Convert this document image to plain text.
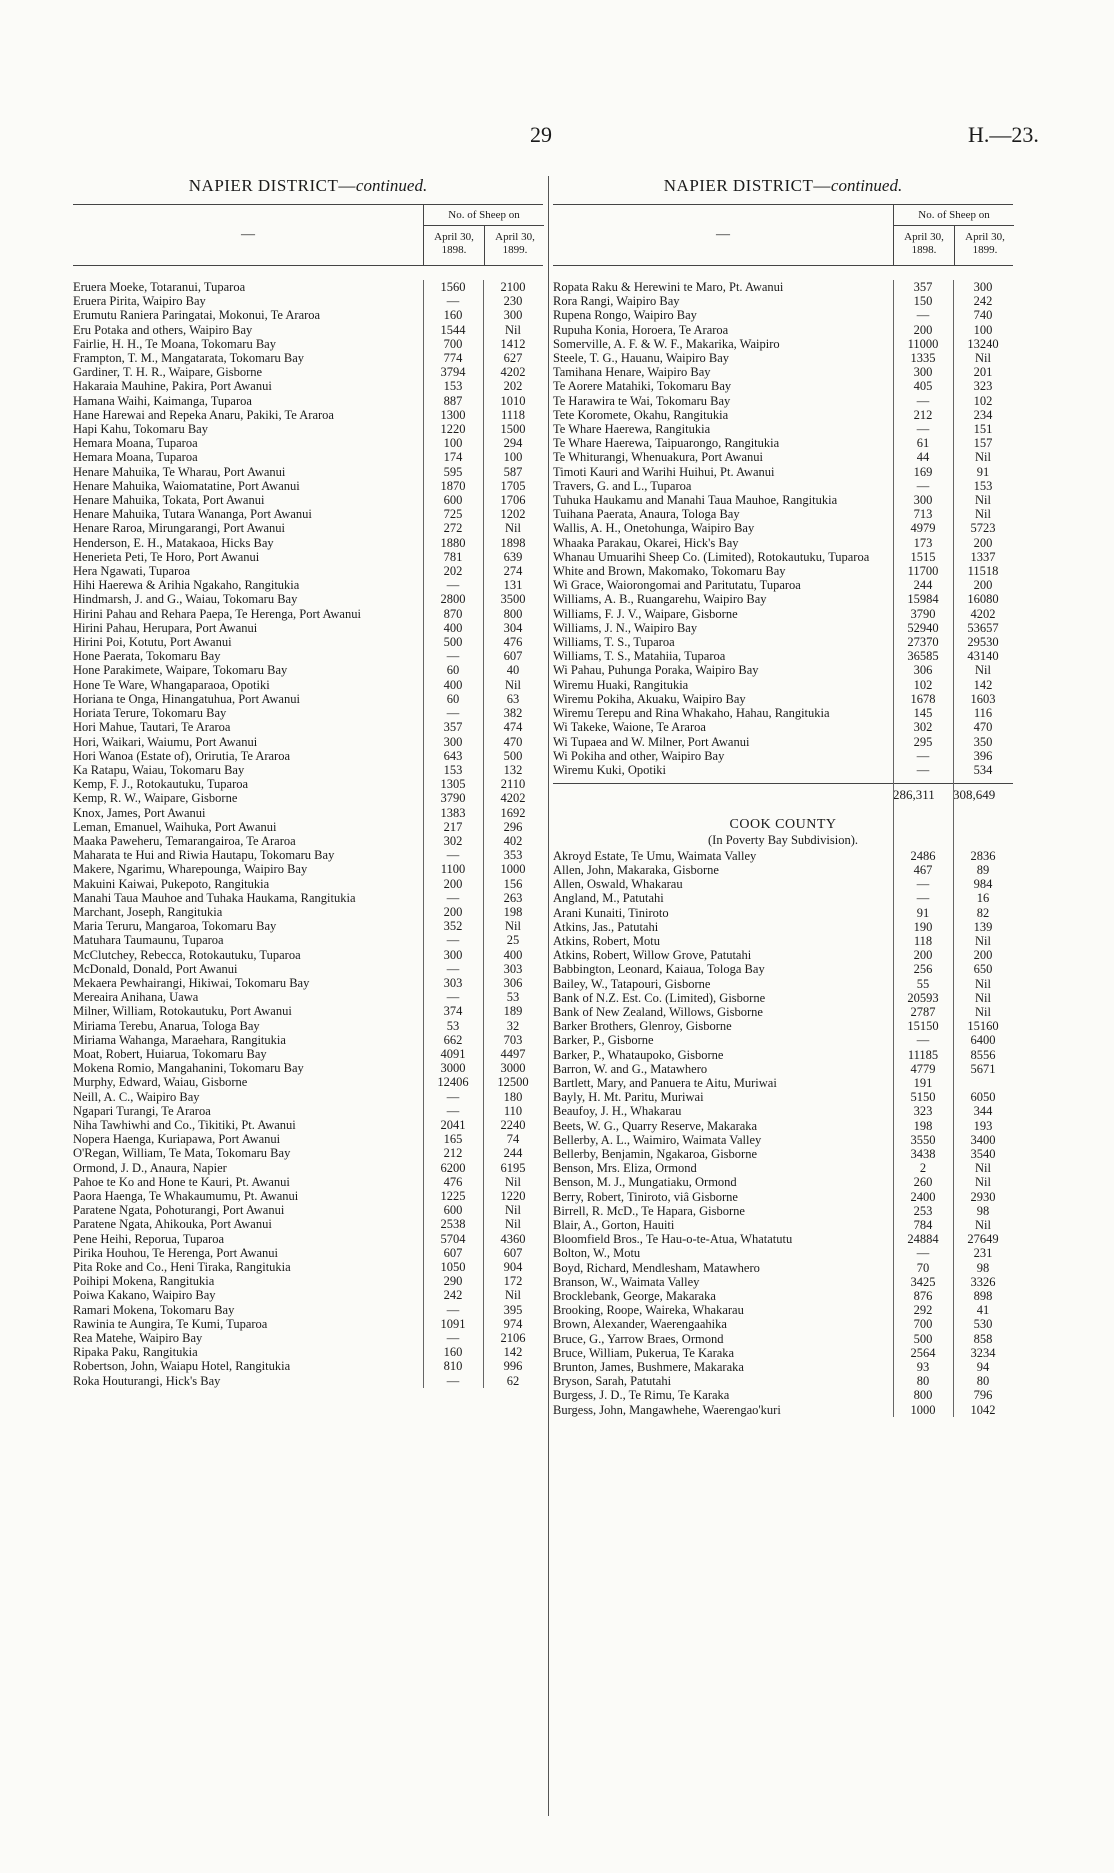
29	H.—23.
NAPIER DISTRICT—continued.
—
No. of Sheep on
April 30, 1898.
April 30, 1899.
Eruera Moeke, Totaranui, Tuparoa	1560	2100
Eruera Pirita, Waipiro Bay	—	230
Erumutu Raniera Paringatai, Mokonui, Te Araroa	160	300
Eru Potaka and others, Waipiro Bay	1544	Nil
Fairlie, H. H., Te Moana, Tokomaru Bay	700	1412
Frampton, T. M., Mangatarata, Tokomaru Bay	774	627
Gardiner, T. H. R., Waipare, Gisborne	3794	4202
Hakaraia Mauhine, Pakira, Port Awanui	153	202
Hamana Waihi, Kaimanga, Tuparoa	887	1010
Hane Harewai and Repeka Anaru, Pakiki, Te Araroa	1300	1118
Hapi Kahu, Tokomaru Bay	1220	1500
Hemara Moana, Tuparoa	100	294
Hemara Moana, Tuparoa	174	100
Henare Mahuika, Te Wharau, Port Awanui	595	587
Henare Mahuika, Waiomatatine, Port Awanui	1870	1705
Henare Mahuika, Tokata, Port Awanui	600	1706
Henare Mahuika, Tutara Wananga, Port Awanui	725	1202
Henare Raroa, Mirungarangi, Port Awanui	272	Nil
Henderson, E. H., Matakaoa, Hicks Bay	1880	1898
Henerieta Peti, Te Horo, Port Awanui	781	639
Hera Ngawati, Tuparoa	202	274
Hihi Haerewa & Arihia Ngakaho, Rangitukia	—	131
Hindmarsh, J. and G., Waiau, Tokomaru Bay	2800	3500
Hirini Pahau and Rehara Paepa, Te Herenga, Port Awanui	870	800
Hirini Pahau, Herupara, Port Awanui	400	304
Hirini Poi, Kotutu, Port Awanui	500	476
Hone Paerata, Tokomaru Bay	—	607
Hone Parakimete, Waipare, Tokomaru Bay	60	40
Hone Te Ware, Whangaparaoa, Opotiki	400	Nil
Horiana te Onga, Hinangatuhua, Port Awanui	60	63
Horiata Terure, Tokomaru Bay	—	382
Hori Mahue, Tautari, Te Araroa	357	474
Hori, Waikari, Waiumu, Port Awanui	300	470
Hori Wanoa (Estate of), Orirutia, Te Araroa	643	500
Ka Ratapu, Waiau, Tokomaru Bay	153	132
Kemp, F. J., Rotokautuku, Tuparoa	1305	2110
Kemp, R. W., Waipare, Gisborne	3790	4202
Knox, James, Port Awanui	1383	1692
Leman, Emanuel, Waihuka, Port Awanui	217	296
Maaka Paweheru, Temarangairoa, Te Araroa	302	402
Maharata te Hui and Riwia Hautapu, Tokomaru Bay	—	353
Makere, Ngarimu, Wharepounga, Waipiro Bay	1100	1000
Makuini Kaiwai, Pukepoto, Rangitukia	200	156
Manahi Taua Mauhoe and Tuhaka Haukama, Rangitukia	—	263
Marchant, Joseph, Rangitukia	200	198
Maria Teruru, Mangaroa, Tokomaru Bay	352	Nil
Matuhara Taumaunu, Tuparoa	—	25
McClutchey, Rebecca, Rotokautuku, Tuparoa	300	400
McDonald, Donald, Port Awanui	—	303
Mekaera Pewhairangi, Hikiwai, Tokomaru Bay	303	306
Mereaira Anihana, Uawa	—	53
Milner, William, Rotokautuku, Port Awanui	374	189
Miriama Terebu, Anarua, Tologa Bay	53	32
Miriama Wahanga, Maraehara, Rangitukia	662	703
Moat, Robert, Huiarua, Tokomaru Bay	4091	4497
Mokena Romio, Mangahanini, Tokomaru Bay	3000	3000
Murphy, Edward, Waiau, Gisborne	12406	12500
Neill, A. C., Waipiro Bay	—	180
Ngapari Turangi, Te Araroa	—	110
Niha Tawhiwhi and Co., Tikitiki, Pt. Awanui	2041	2240
Nopera Haenga, Kuriapawa, Port Awanui	165	74
O'Regan, William, Te Mata, Tokomaru Bay	212	244
Ormond, J. D., Anaura, Napier	6200	6195
Pahoe te Ko and Hone te Kauri, Pt. Awanui	476	Nil
Paora Haenga, Te Whakaumumu, Pt. Awanui	1225	1220
Paratene Ngata, Pohoturangi, Port Awanui	600	Nil
Paratene Ngata, Ahikouka, Port Awanui	2538	Nil
Pene Heihi, Reporua, Tuparoa	5704	4360
Pirika Houhou, Te Herenga, Port Awanui	607	607
Pita Roke and Co., Heni Tiraka, Rangitukia	1050	904
Poihipi Mokena, Rangitukia	290	172
Poiwa Kakano, Waipiro Bay	242	Nil
Ramari Mokena, Tokomaru Bay	—	395
Rawinia te Aungira, Te Kumi, Tuparoa	1091	974
Rea Matehe, Waipiro Bay	—	2106
Ripaka Paku, Rangitukia	160	142
Robertson, John, Waiapu Hotel, Rangitukia	810	996
Roka Houturangi, Hick's Bay	—	62
NAPIER DISTRICT—continued.
—
No. of Sheep on
April 30, 1898.
April 30, 1899.
Ropata Raku & Herewini te Maro, Pt. Awanui	357	300
Rora Rangi, Waipiro Bay	150	242
Rupena Rongo, Waipiro Bay	—	740
Rupuha Konia, Horoera, Te Araroa	200	100
Somerville, A. F. & W. F., Makarika, Waipiro	11000	13240
Steele, T. G., Hauanu, Waipiro Bay	1335	Nil
Tamihana Henare, Waipiro Bay	300	201
Te Aorere Matahiki, Tokomaru Bay	405	323
Te Harawira te Wai, Tokomaru Bay	—	102
Tete Koromete, Okahu, Rangitukia	212	234
Te Whare Haerewa, Rangitukia	—	151
Te Whare Haerewa, Taipuarongo, Rangitukia	61	157
Te Whiturangi, Whenuakura, Port Awanui	44	Nil
Timoti Kauri and Warihi Huihui, Pt. Awanui	169	91
Travers, G. and L., Tuparoa	—	153
Tuhuka Haukamu and Manahi Taua Mauhoe, Rangitukia	300	Nil
Tuihana Paerata, Anaura, Tologa Bay	713	Nil
Wallis, A. H., Onetohunga, Waipiro Bay	4979	5723
Whaaka Parakau, Okarei, Hick's Bay	173	200
Whanau Umuarihi Sheep Co. (Limited), Rotokautuku, Tuparoa	1515	1337
White and Brown, Makomako, Tokomaru Bay	11700	11518
Wi Grace, Waiorongomai and Paritutatu, Tuparoa	244	200
Williams, A. B., Ruangarehu, Waipiro Bay	15984	16080
Williams, F. J. V., Waipare, Gisborne	3790	4202
Williams, J. N., Waipiro Bay	52940	53657
Williams, T. S., Tuparoa	27370	29530
Williams, T. S., Matahiia, Tuparoa	36585	43140
Wi Pahau, Puhunga Poraka, Waipiro Bay	306	Nil
Wiremu Huaki, Rangitukia	102	142
Wiremu Pokiha, Akuaku, Waipiro Bay	1678	1603
Wiremu Terepu and Rina Whakaho, Hahau, Rangitukia	145	116
Wi Takeke, Waione, Te Araroa	302	470
Wi Tupaea and W. Milner, Port Awanui	295	350
Wi Pokiha and other, Waipiro Bay	—	396
Wiremu Kuki, Opotiki	—	534
286,311	308,649
COOK COUNTY
(In Poverty Bay Subdivision).
Akroyd Estate, Te Umu, Waimata Valley	2486	2836
Allen, John, Makaraka, Gisborne	467	89
Allen, Oswald, Whakarau	—	984
Angland, M., Patutahi	—	16
Arani Kunaiti, Tiniroto	91	82
Atkins, Jas., Patutahi	190	139
Atkins, Robert, Motu	118	Nil
Atkins, Robert, Willow Grove, Patutahi	200	200
Babbington, Leonard, Kaiaua, Tologa Bay	256	650
Bailey, W., Tatapouri, Gisborne	55	Nil
Bank of N.Z. Est. Co. (Limited), Gisborne	20593	Nil
Bank of New Zealand, Willows, Gisborne	2787	Nil
Barker Brothers, Glenroy, Gisborne	15150	15160
Barker, P., Gisborne	—	6400
Barker, P., Whataupoko, Gisborne	11185	8556
Barron, W. and G., Matawhero	4779	5671
Bartlett, Mary, and Panuera te Aitu, Muriwai	191
Bayly, H. Mt. Paritu, Muriwai	5150	6050
Beaufoy, J. H., Whakarau	323	344
Beets, W. G., Quarry Reserve, Makaraka	198	193
Bellerby, A. L., Waimiro, Waimata Valley	3550	3400
Bellerby, Benjamin, Ngakaroa, Gisborne	3438	3540
Benson, Mrs. Eliza, Ormond	2	Nil
Benson, M. J., Mungatiaku, Ormond	260	Nil
Berry, Robert, Tiniroto, viâ Gisborne	2400	2930
Birrell, R. McD., Te Hapara, Gisborne	253	98
Blair, A., Gorton, Hauiti	784	Nil
Bloomfield Bros., Te Hau-o-te-Atua, Whatatutu	24884	27649
Bolton, W., Motu	—	231
Boyd, Richard, Mendlesham, Matawhero	70	98
Branson, W., Waimata Valley	3425	3326
Brocklebank, George, Makaraka	876	898
Brooking, Roope, Waireka, Whakarau	292	41
Brown, Alexander, Waerengaahika	700	530
Bruce, G., Yarrow Braes, Ormond	500	858
Bruce, William, Pukerua, Te Karaka	2564	3234
Brunton, James, Bushmere, Makaraka	93	94
Bryson, Sarah, Patutahi	80	80
Burgess, J. D., Te Rimu, Te Karaka	800	796
Burgess, John, Mangawhehe, Waerengao'kuri	1000	1042
